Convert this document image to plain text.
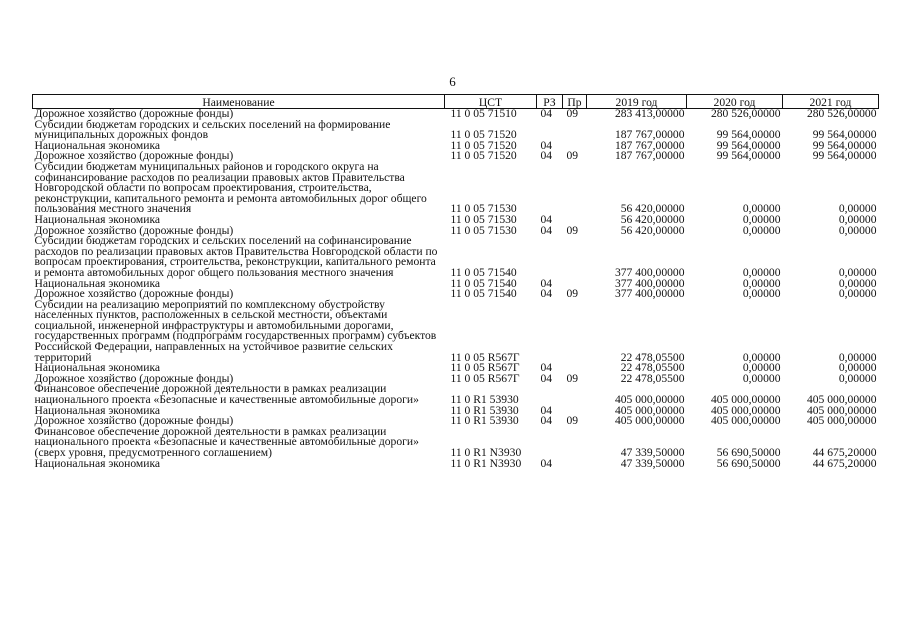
6
Наименование	ЦСТ	РЗ	Пр	2019 год	2020 год	2021 год
Дорожное хозяйство (дорожные фонды)	11 0 05 71510	04	09	283 413,00000	280 526,00000	280 526,00000
Субсидии бюджетам городских и сельских поселений на формирование муниципальных дорожных фондов	11 0 05 71520			187 767,00000	99 564,00000	99 564,00000
Национальная экономика	11 0 05 71520	04		187 767,00000	99 564,00000	99 564,00000
Дорожное хозяйство (дорожные фонды)	11 0 05 71520	04	09	187 767,00000	99 564,00000	99 564,00000
Субсидии бюджетам муниципальных районов и городского округа на софинансирование расходов по реализации правовых актов Правительства Новгородской области по вопросам проектирования, строительства, реконструкции, капитального ремонта и ремонта автомобильных дорог общего пользования местного значения	11 0 05 71530			56 420,00000	0,00000	0,00000
Национальная экономика	11 0 05 71530	04		56 420,00000	0,00000	0,00000
Дорожное хозяйство (дорожные фонды)	11 0 05 71530	04	09	56 420,00000	0,00000	0,00000
Субсидии бюджетам городских и сельских поселений на софинансирование расходов по реализации правовых актов Правительства Новгородской области по вопросам проектирования, строительства, реконструкции, капитального ремонта и ремонта автомобильных дорог общего пользования местного значения	11 0 05 71540			377 400,00000	0,00000	0,00000
Национальная экономика	11 0 05 71540	04		377 400,00000	0,00000	0,00000
Дорожное хозяйство (дорожные фонды)	11 0 05 71540	04	09	377 400,00000	0,00000	0,00000
Субсидии на реализацию мероприятий по комплексному обустройству населенных пунктов, расположенных в сельской местности, объектами социальной, инженерной инфраструктуры и автомобильными дорогами, государственных программ (подпрограмм государственных программ) субъектов Российской Федерации, направленных на устойчивое развитие сельских территорий	11 0 05 R567Г			22 478,05500	0,00000	0,00000
Национальная экономика	11 0 05 R567Г	04		22 478,05500	0,00000	0,00000
Дорожное хозяйство (дорожные фонды)	11 0 05 R567Г	04	09	22 478,05500	0,00000	0,00000
Финансовое обеспечение дорожной деятельности в рамках реализации национального проекта «Безопасные и качественные автомобильные дороги»	11 0 R1 53930			405 000,00000	405 000,00000	405 000,00000
Национальная экономика	11 0 R1 53930	04		405 000,00000	405 000,00000	405 000,00000
Дорожное хозяйство (дорожные фонды)	11 0 R1 53930	04	09	405 000,00000	405 000,00000	405 000,00000
Финансовое обеспечение дорожной деятельности в рамках реализации национального проекта «Безопасные и качественные автомобильные дороги» (сверх уровня, предусмотренного соглашением)	11 0 R1 N3930			47 339,50000	56 690,50000	44 675,20000
Национальная экономика	11 0 R1 N3930	04		47 339,50000	56 690,50000	44 675,20000
